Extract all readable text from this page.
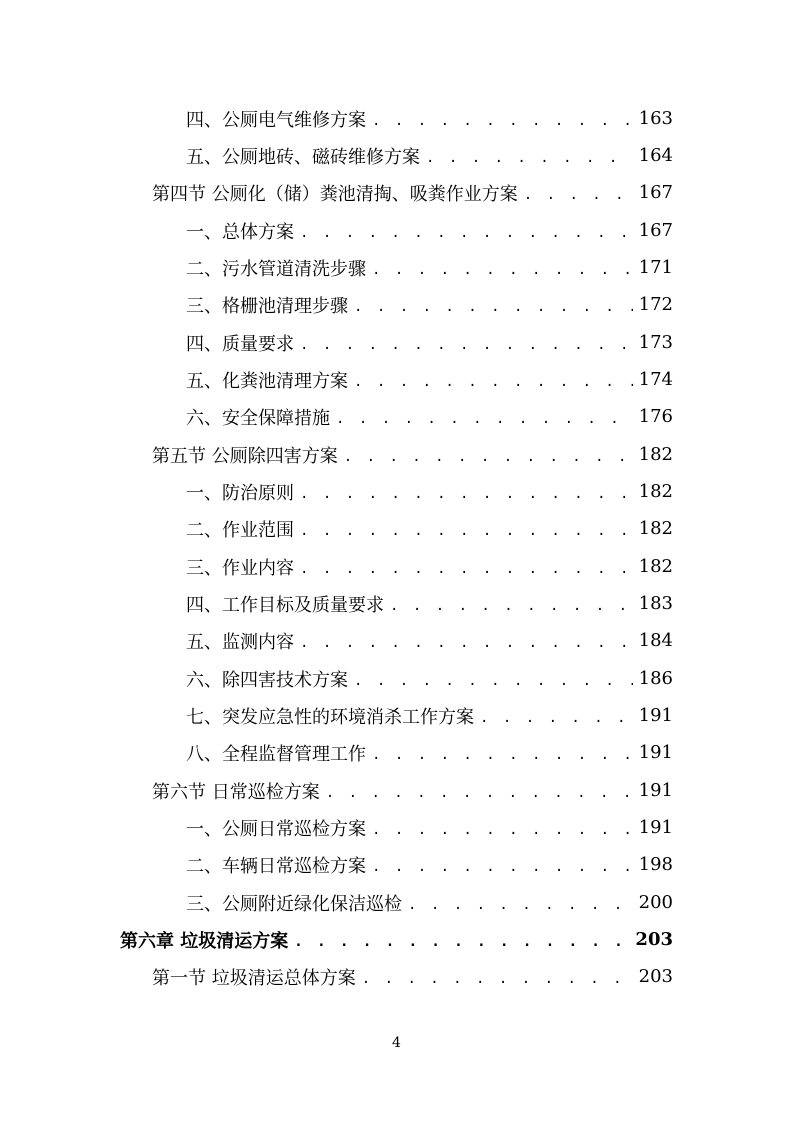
四、公厕电气维修方案 . . .	163
五、公厕地砖、磁砖维修方案 . . .	164
第四节 公厕化（储）粪池清掏、吸粪作业方案 . . .	167
一、总体方案 . . .	167
二、污水管道清洗步骤 . . .	171
三、格栅池清理步骤 . . .	172
四、质量要求 . . .	173
五、化粪池清理方案 . . .	174
六、安全保障措施 . . .	176
第五节 公厕除四害方案 . . .	182
一、防治原则 . . .	182
二、作业范围 . . .	182
三、作业内容 . . .	182
四、工作目标及质量要求 . . .	183
五、监测内容 . . .	184
六、除四害技术方案 . . .	186
七、突发应急性的环境消杀工作方案 . . .	191
八、全程监督管理工作 . . .	191
第六节 日常巡检方案 . . .	191
一、公厕日常巡检方案 . . .	191
二、车辆日常巡检方案 . . .	198
三、公厕附近绿化保洁巡检 . . .	200
第六章 垃圾清运方案 . . .	203
第一节 垃圾清运总体方案 . . .	203
4
